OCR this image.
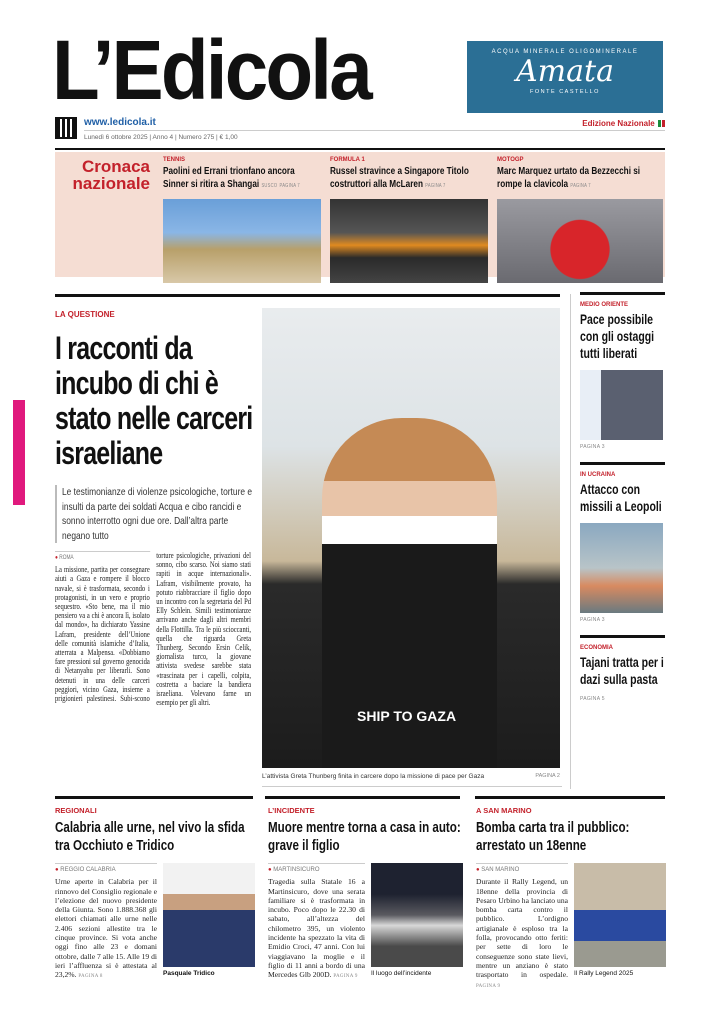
L’Edicola	ACQUA MINERALE OLIGOMINERALE
Amata
FONTE CASTELLO
www.ledicola.it
Lunedì 6 ottobre 2025 | Anno 4 | Numero 275 | € 1,00
Edizione Nazionale
Cronaca nazionale
TENNIS
Paolini ed Errani trionfano ancora Sinner si ritira a Shangai SUSCO PAGINA 7
FORMULA 1
Russel stravince a Singapore Titolo costruttori alla McLaren PAGINA 7
MOTOGP
Marc Marquez urtato da Bezzecchi si rompe la clavicola PAGINA 7
LA QUESTIONE
I racconti da incubo di chi è stato nelle carceri israeliane
Le testimonianze di violenze psicologiche, torture e insulti da parte dei soldati Acqua e cibo rancidi e sonno interrotto ogni due ore. Dall’altra parte negano tutto
● ROMA
La missione, partita per consegnare aiuti a Gaza e rompere il blocco navale, si è trasformata, secondo i protagonisti, in un vero e proprio sequestro. «Sto bene, ma il mio pensiero va a chi è ancora lì, isolato dal mondo», ha dichiarato Yassine Lafram, presidente dell’Unione delle comunità islamiche d’Italia, atterrata a Malpensa. «Dobbiamo fare pressioni sul governo genocida di Netanyahu per liberarli. Sono detenuti in una delle carceri peggiori, vicino Gaza, insieme a prigionieri palestinesi. Subi-scono torture psicologiche, privazioni del sonno, cibo scarso. Noi siamo stati rapiti in acque internazionali». Lafram, visibilmente provato, ha potuto riabbracciare il figlio dopo un incontro con la segretaria del Pd Elly Schlein. Simili testimonianze arrivano anche dagli altri membri della Flottilla. Tra le più scioccanti, quella che riguarda Greta Thunberg. Secondo Ersin Celik, giornalista turco, la giovane attivista svedese sarebbe stata «trascinata per i capelli, colpita, costretta a baciare la bandiera israeliana. Volevano farne un esempio per gli altri.
SHIP TO GAZA
L’attivista Greta Thunberg finita in carcere dopo la missione di pace per Gaza	PAGINA 2
MEDIO ORIENTE
Pace possibile con gli ostaggi tutti liberati
PAGINA 3
IN UCRAINA
Attacco con missili a Leopoli
PAGINA 3
ECONOMIA
Tajani tratta per i dazi sulla pasta
PAGINA 5
REGIONALI
Calabria alle urne, nel vivo la sfida tra Occhiuto e Tridico
● REGGIO CALABRIA
Urne aperte in Calabria per il rinnovo del Consiglio regionale e l’elezione del nuovo presidente della Giunta. Sono 1.888.368 gli elettori chiamati alle urne nelle 2.406 sezioni allestite tra le cinque province. Si vota anche oggi fino alle 23 e domani ottobre, dalle 7 alle 15. Alle 19 di ieri l’affluenza si è attestata al 23,2%. PAGINA 8	Pasquale Tridico
L’INCIDENTE
Muore mentre torna a casa in auto: grave il figlio
● MARTINSICURO
Tragedia sulla Statale 16 a Martinsicuro, dove una serata familiare si è trasformata in incubo. Poco dopo le 22.30 di sabato, all’altezza del chilometro 395, un violento incidente ha spezzato la vita di Emidio Croci, 47 anni. Con lui viaggiavano la moglie e il figlio di 11 anni a bordo di una Mercedes Glb 200D. PAGINA 9	Il luogo dell’incidente
A SAN MARINO
Bomba carta tra il pubblico: arrestato un 18enne
● SAN MARINO
Durante il Rally Legend, un 18enne della provincia di Pesaro Urbino ha lanciato una bomba carta contro il pubblico. L’ordigno artigianale è esploso tra la folla, provocando otto feriti: per sette di loro le conseguenze sono state lievi, mentre un anziano è stato trasportato in ospedale. PAGINA 9
Il Rally Legend 2025
